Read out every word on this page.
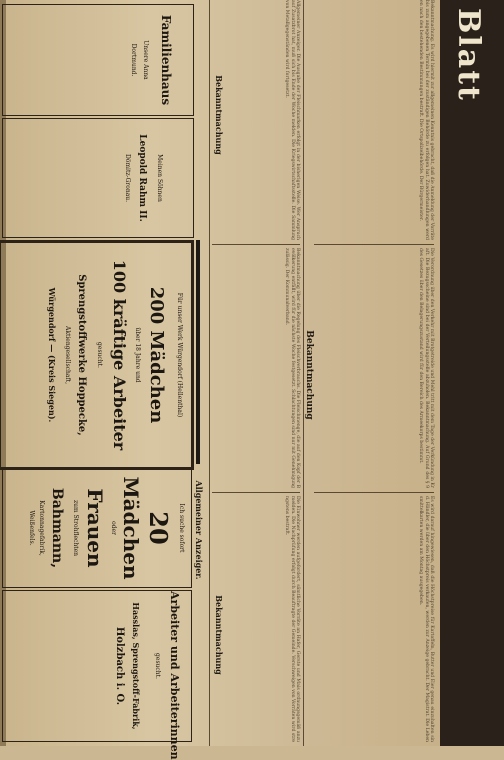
Blatt
Bekanntmachung. Es wird hiermit zur allgemeinen Kenntnis gebracht, daß die Anmeldung der Vorräte bis zum angegebenen Termin bei der zuständigen Behörde zu erfolgen hat. Zuwiderhandlungen werden nach den bestehenden Bestimmungen bestraft. Die Ortspolizeibehörde. Der Bürgermeister.
Die Verordnung über den Verkehr mit Brotgetreide und Mehl tritt mit dem Tage der Verkündung in Kraft. Die Bezugsscheine sind bei der Verteilungsstelle abzuholen. Bekanntmachung. Auf Grund des § 9 des Gesetzes über den Belagerungszustand wird für den Bereich des Armeekorps bestimmt.
Es wird darauf hingewiesen, daß die Höchstpreise für Kartoffeln, Butter und Eier genau einzuhalten sind. Händler, die über den Höchstpreis verkaufen, werden zur Anzeige gebracht. Der Magistrat. Die Lebensmittelkarten werden am Montag ausgegeben.
Bekanntmachung
Allgemeiner Anzeiger. Die Ausgabe der Fleischmarken erfolgt in der bisherigen Weise. Wer Anspruch auf Zusatzbrot hat, muß sich bis Ende der Woche melden. Die Kriegswirtschaftsstelle. Die Sammlung von Metallgegenständen wird fortgesetzt.
Bekanntmachung über die Regelung des Fleischverbrauchs. Die Fleischmenge, die auf den Kopf der Bevölkerung entfällt, wird für die nächste Woche festgesetzt. Schlachtungen sind nur mit Genehmigung zulässig. Der Kommunalverband.
Die Einwohner werden aufgefordert, sämtliche Vorräte an Hafer, Gerste und Mais ordnungsgemäß anzumelden. Die Nachprüfung erfolgt durch Beauftragte der Gemeinde. Verschweigen von Vorräten wird strengstens bestraft.
Bekanntmachung
Bekanntmachung
Allgemeiner Anzeiger.
Ich suche sofort
20
Mädchen
oder
Frauen
zum Strohflechten
Bahmann,
Kartonnagefabrik,
Weißenfels.
Arbeiter und Arbeiterinnen
gesucht.
Hasslas, Sprengstoff-Fabrik,
Holzbach i. O.
Für unser Werk Würgendorf (Hellenthal)
200 Mädchen
über 18 Jahre und
100 kräftige Arbeiter
gesucht.
Sprengstoffwerke Hoppecke,
Aktiengesellschaft,
Würgendorf — (Kreis Siegen).
Familienhaus
Unsere Anna
Dortmund.
Meinen Söhnen
Leopold Rahm II.
Dömitz-Gronau.
